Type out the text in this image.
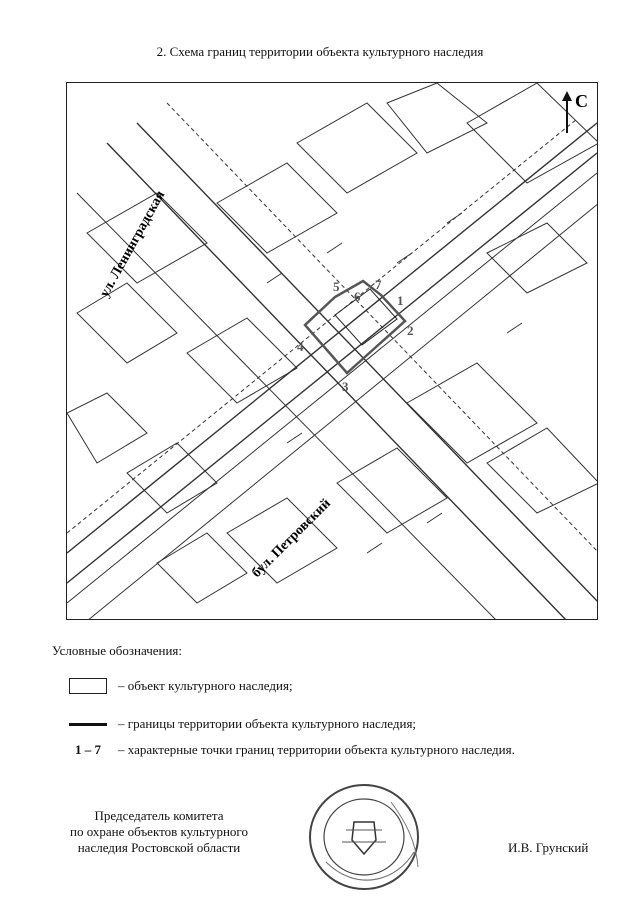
2. Схема границ территории объекта культурного наследия
С
1
2
3
4
5
6
7
ул. Ленинградская
бул. Петровский
Условные обозначения:
– объект культурного наследия;
– границы территории объекта культурного наследия;
1 – 7 – характерные точки границ территории объекта культурного наследия.
Председатель комитета
по охране объектов культурного
наследия Ростовской области	И.В. Грунский
